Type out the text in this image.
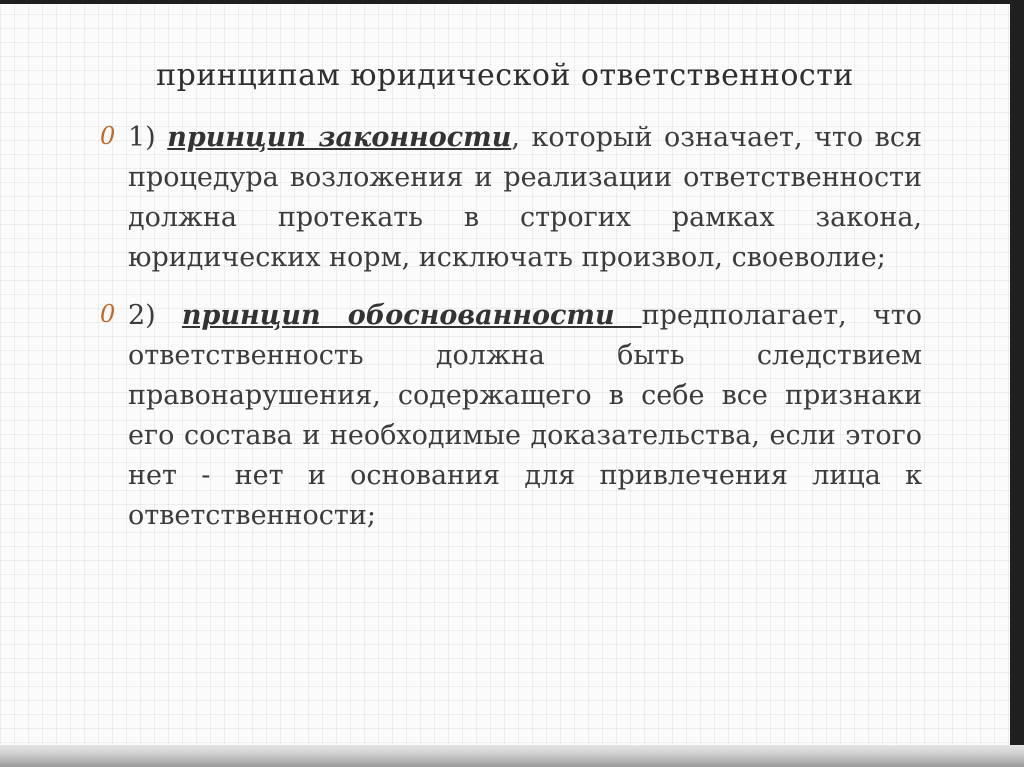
принципам юридической ответственности
0 1) принцип законности, который означает, что вся процедура возложения и реализации ответственности должна протекать в строгих рамках закона, юридических норм, исключать произвол, своеволие;

0 2) принцип обоснованности предполагает, что ответственность должна быть следствием правонарушения, содержащего в себе все признаки его состава и необходимые доказательства, если этого нет - нет и основания для привлечения лица к ответственности;
